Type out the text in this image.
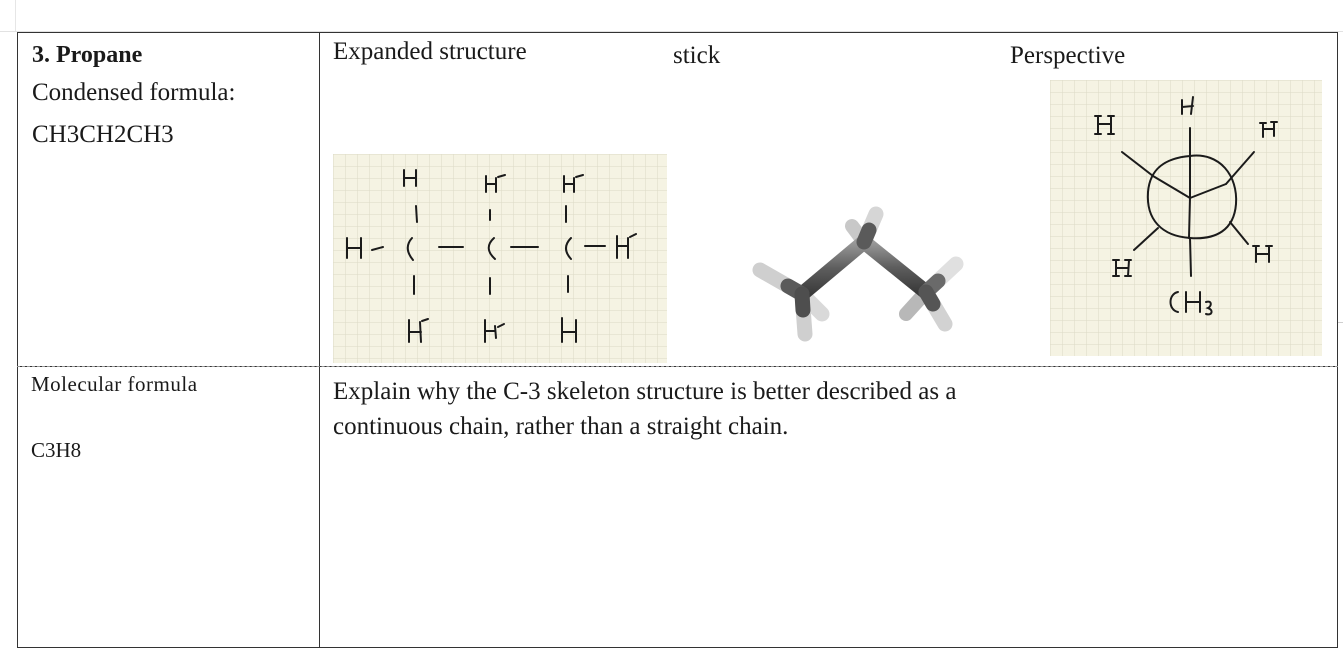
3. Propane
Condensed formula:
CH3CH2CH3
Molecular formula
C3H8
Expanded structure	stick	Perspective
Explain why the C-3 skeleton structure is better described as a continuous chain, rather than a straight chain.
